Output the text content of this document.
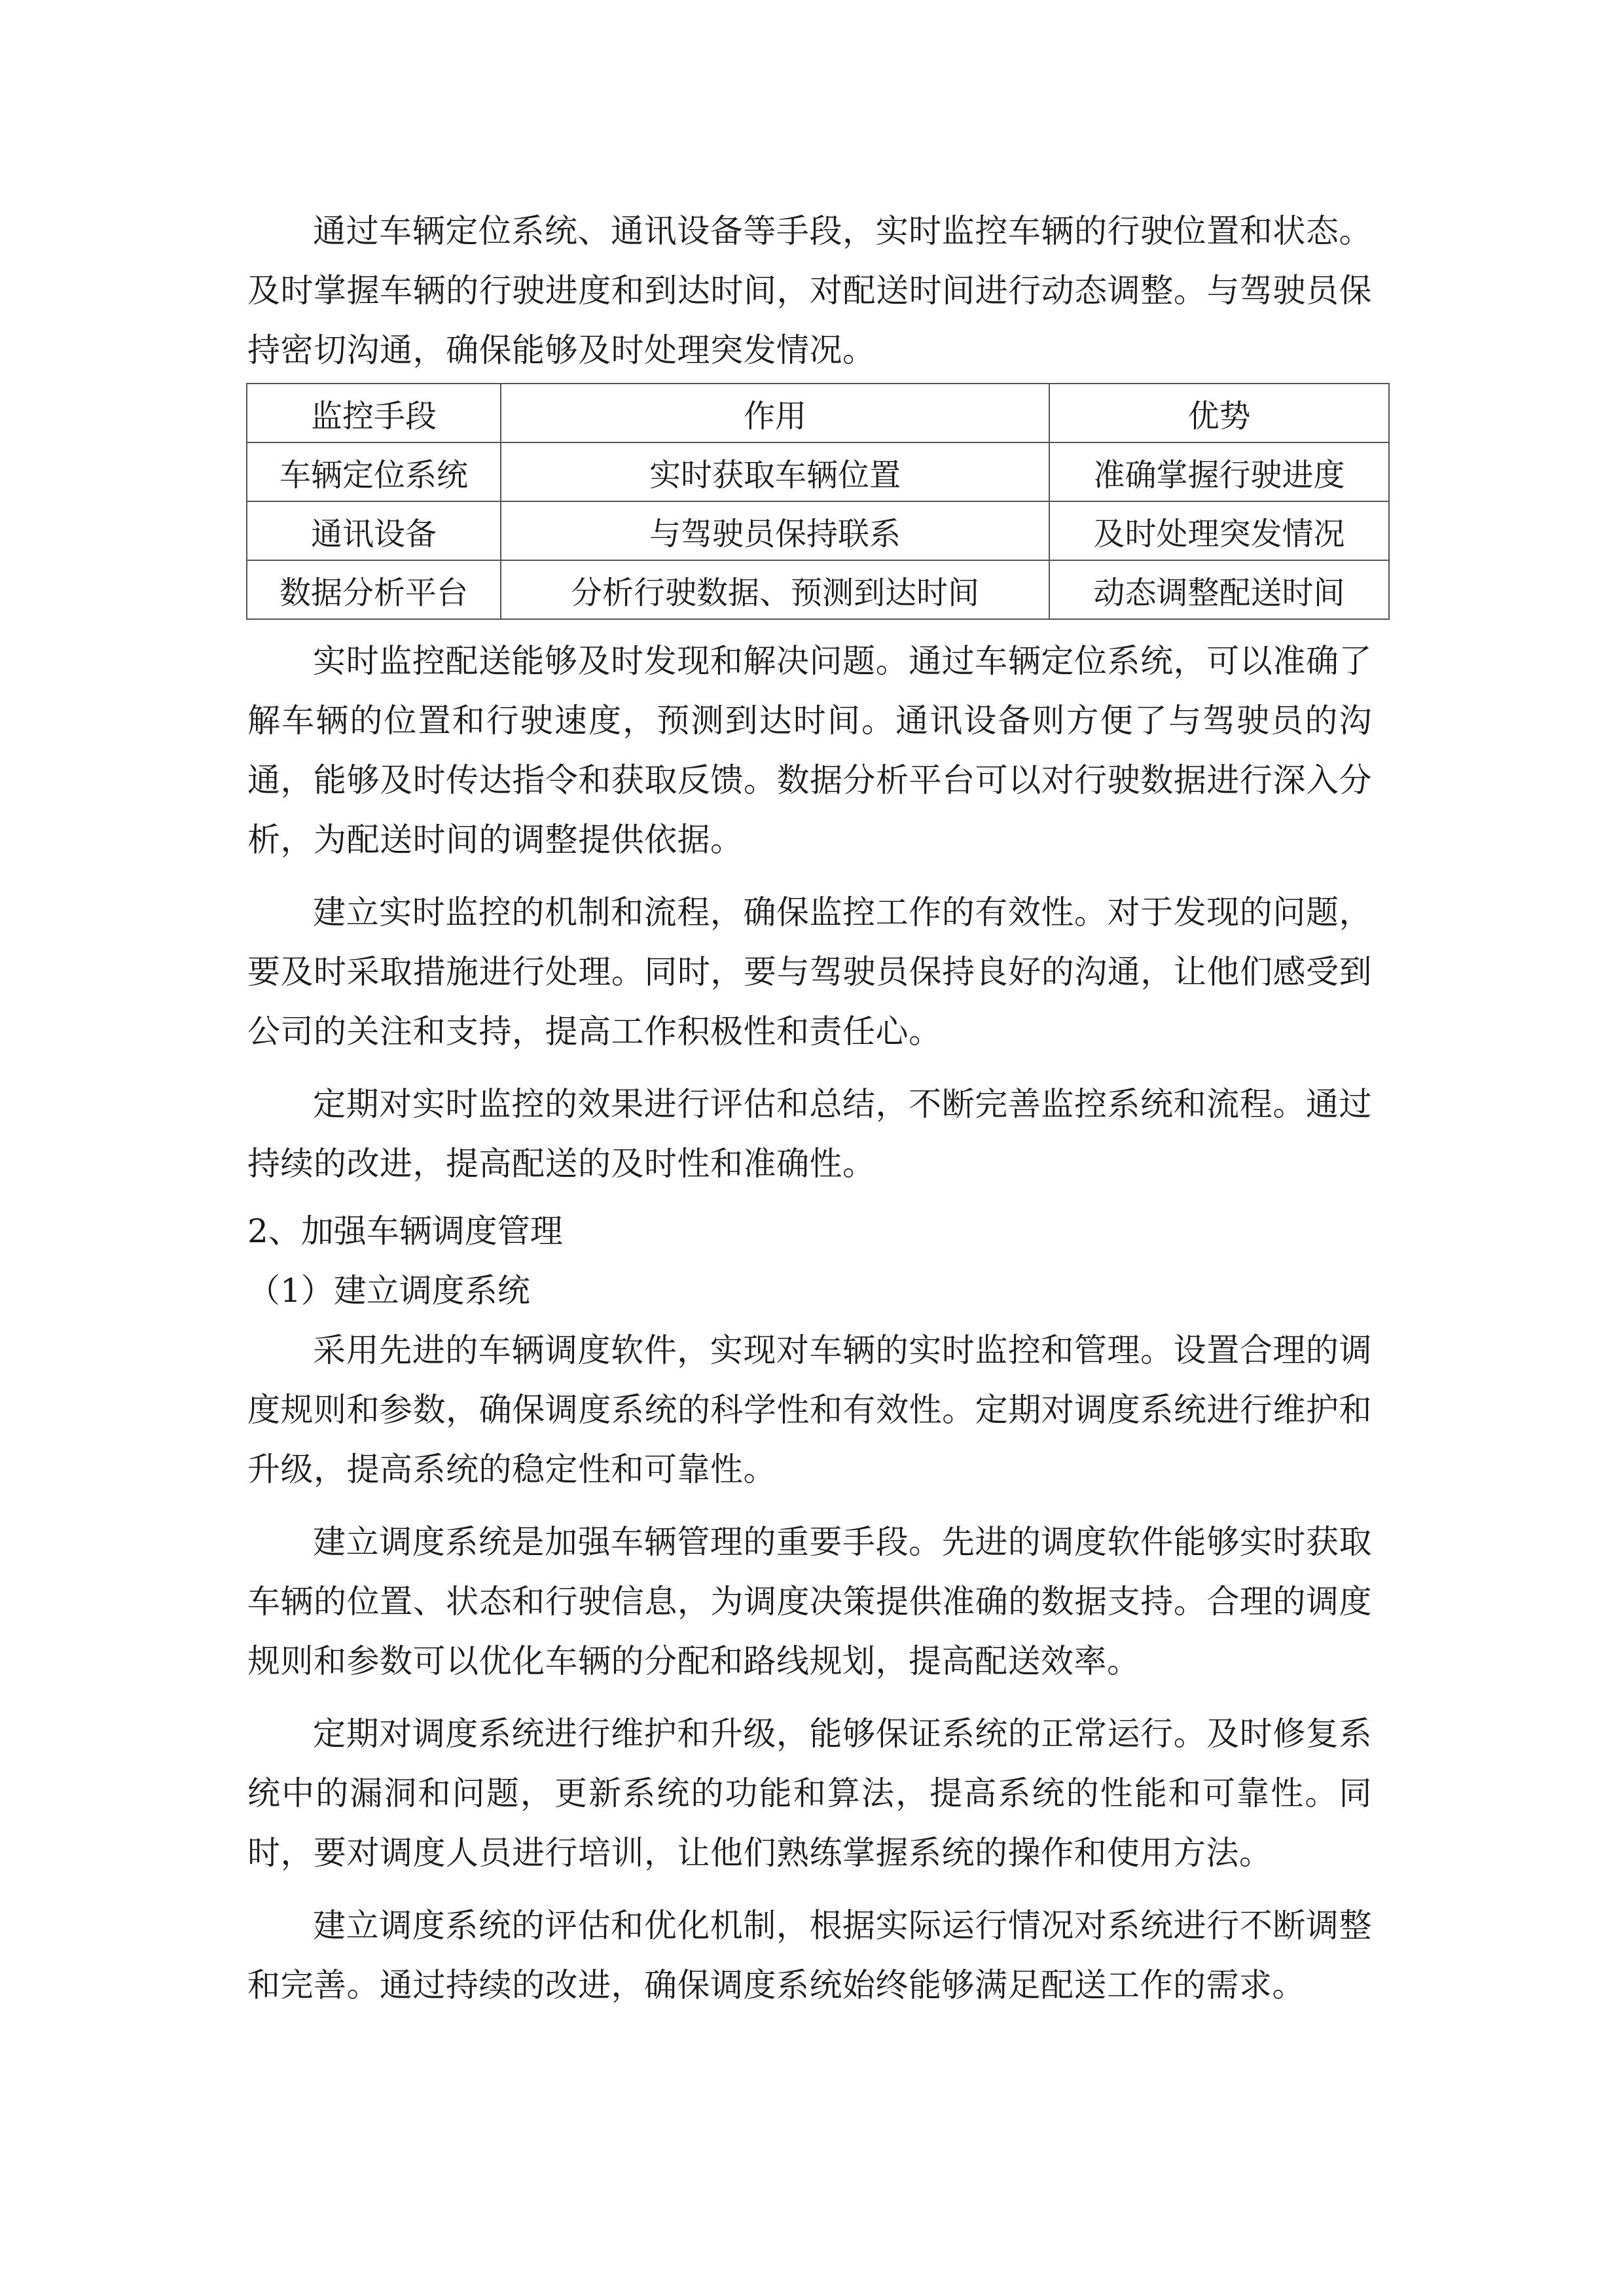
通过车辆定位系统、通讯设备等手段，实时监控车辆的行驶位置和状态。及时掌握车辆的行驶进度和到达时间，对配送时间进行动态调整。与驾驶员保持密切沟通，确保能够及时处理突发情况。

监控手段	作用	优势
车辆定位系统	实时获取车辆位置	准确掌握行驶进度
通讯设备	与驾驶员保持联系	及时处理突发情况
数据分析平台	分析行驶数据、预测到达时间	动态调整配送时间

实时监控配送能够及时发现和解决问题。通过车辆定位系统，可以准确了解车辆的位置和行驶速度，预测到达时间。通讯设备则方便了与驾驶员的沟通，能够及时传达指令和获取反馈。数据分析平台可以对行驶数据进行深入分析，为配送时间的调整提供依据。

建立实时监控的机制和流程，确保监控工作的有效性。对于发现的问题，要及时采取措施进行处理。同时，要与驾驶员保持良好的沟通，让他们感受到公司的关注和支持，提高工作积极性和责任心。

定期对实时监控的效果进行评估和总结，不断完善监控系统和流程。通过持续的改进，提高配送的及时性和准确性。

2、加强车辆调度管理

（1）建立调度系统

采用先进的车辆调度软件，实现对车辆的实时监控和管理。设置合理的调度规则和参数，确保调度系统的科学性和有效性。定期对调度系统进行维护和升级，提高系统的稳定性和可靠性。

建立调度系统是加强车辆管理的重要手段。先进的调度软件能够实时获取车辆的位置、状态和行驶信息，为调度决策提供准确的数据支持。合理的调度规则和参数可以优化车辆的分配和路线规划，提高配送效率。

定期对调度系统进行维护和升级，能够保证系统的正常运行。及时修复系统中的漏洞和问题，更新系统的功能和算法，提高系统的性能和可靠性。同时，要对调度人员进行培训，让他们熟练掌握系统的操作和使用方法。

建立调度系统的评估和优化机制，根据实际运行情况对系统进行不断调整和完善。通过持续的改进，确保调度系统始终能够满足配送工作的需求。
